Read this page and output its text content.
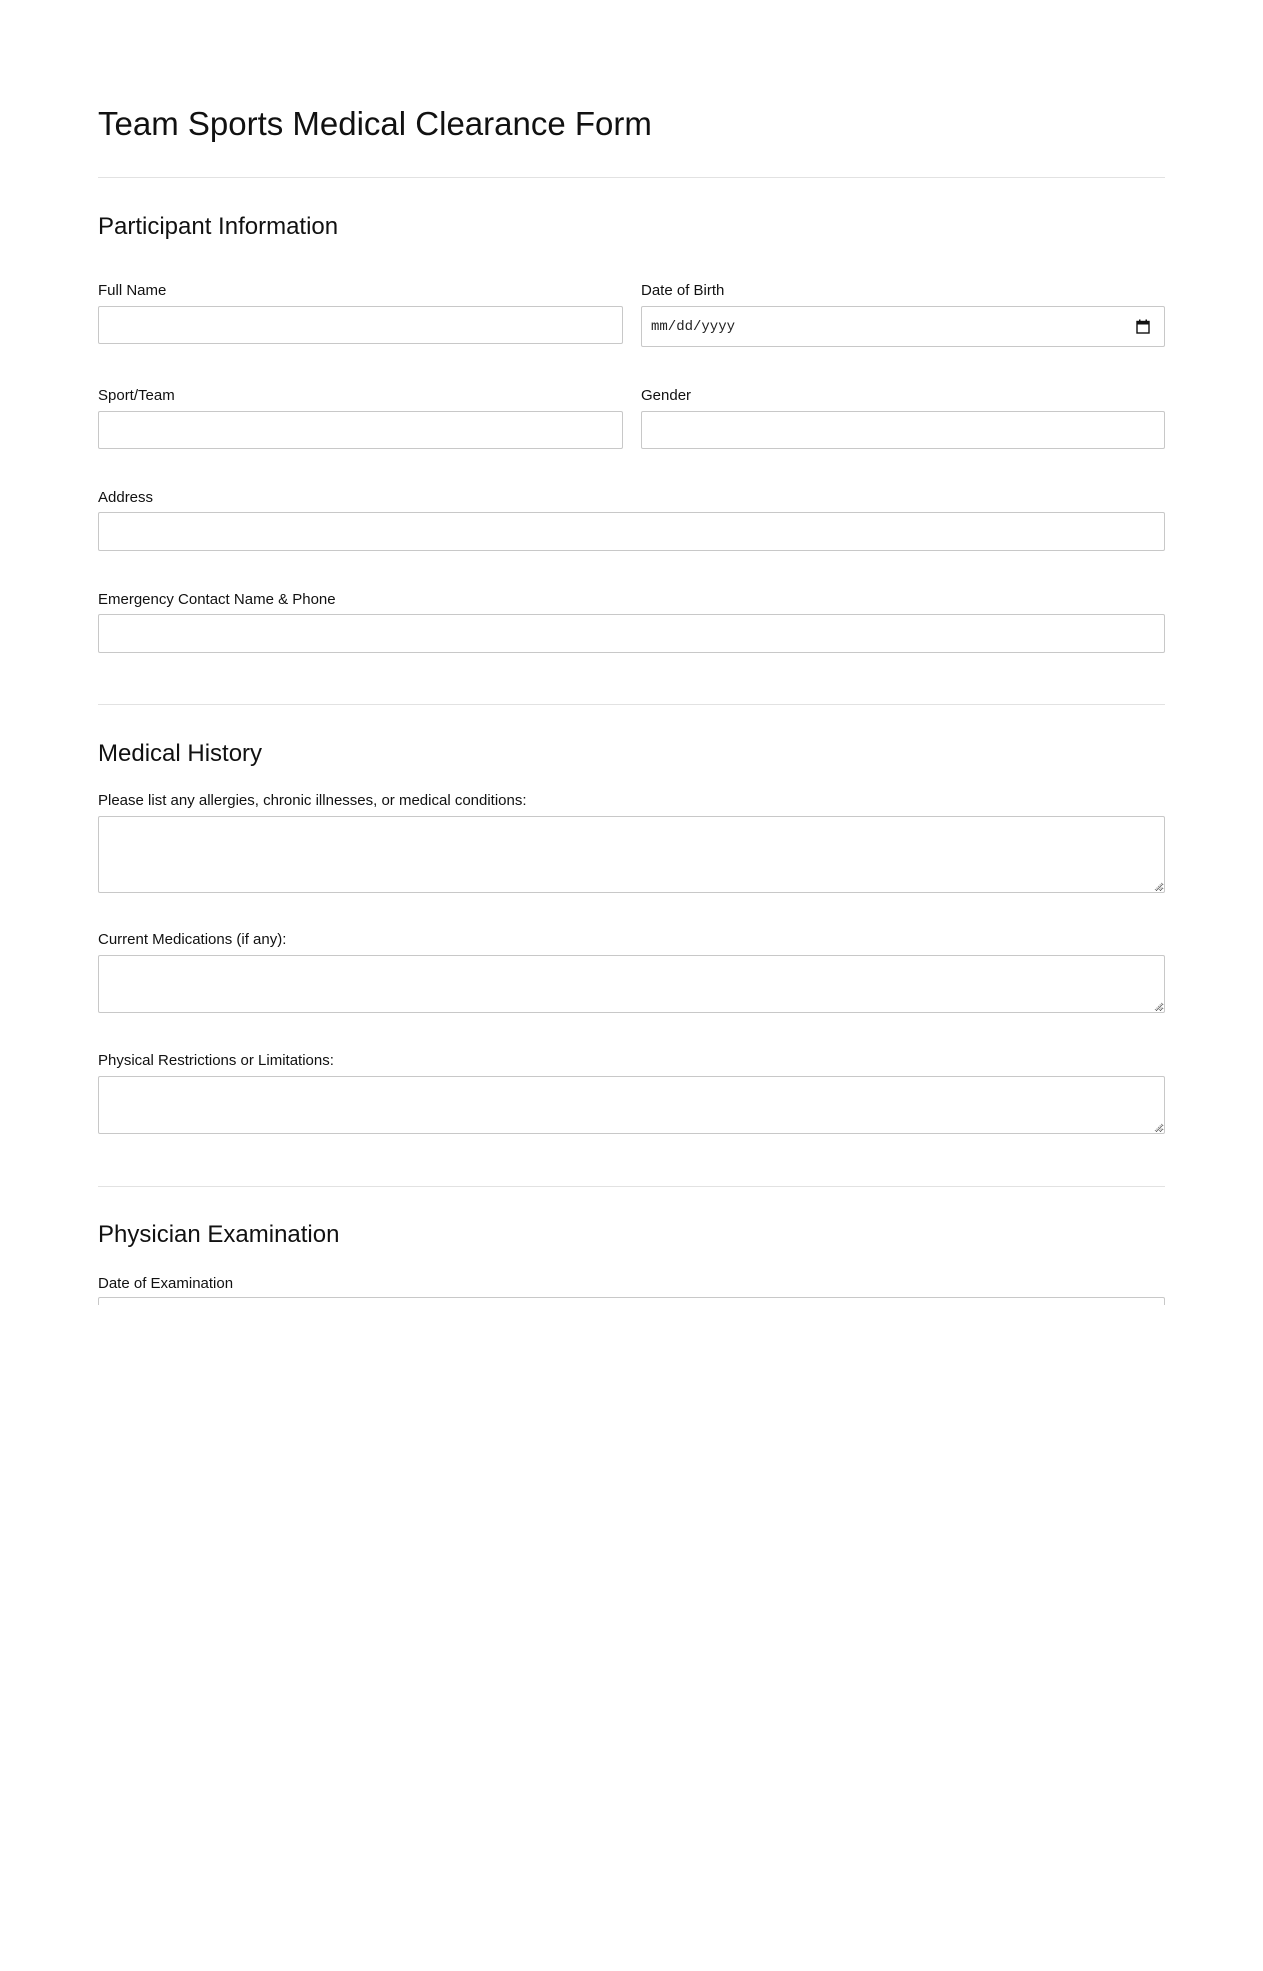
Team Sports Medical Clearance Form
Participant Information
Full Name	Date of Birth
mm/dd/yyyy
Sport/Team	Gender
Address
Emergency Contact Name & Phone
Medical History
Please list any allergies, chronic illnesses, or medical conditions:
Current Medications (if any):
Physical Restrictions or Limitations:
Physician Examination
Date of Examination
